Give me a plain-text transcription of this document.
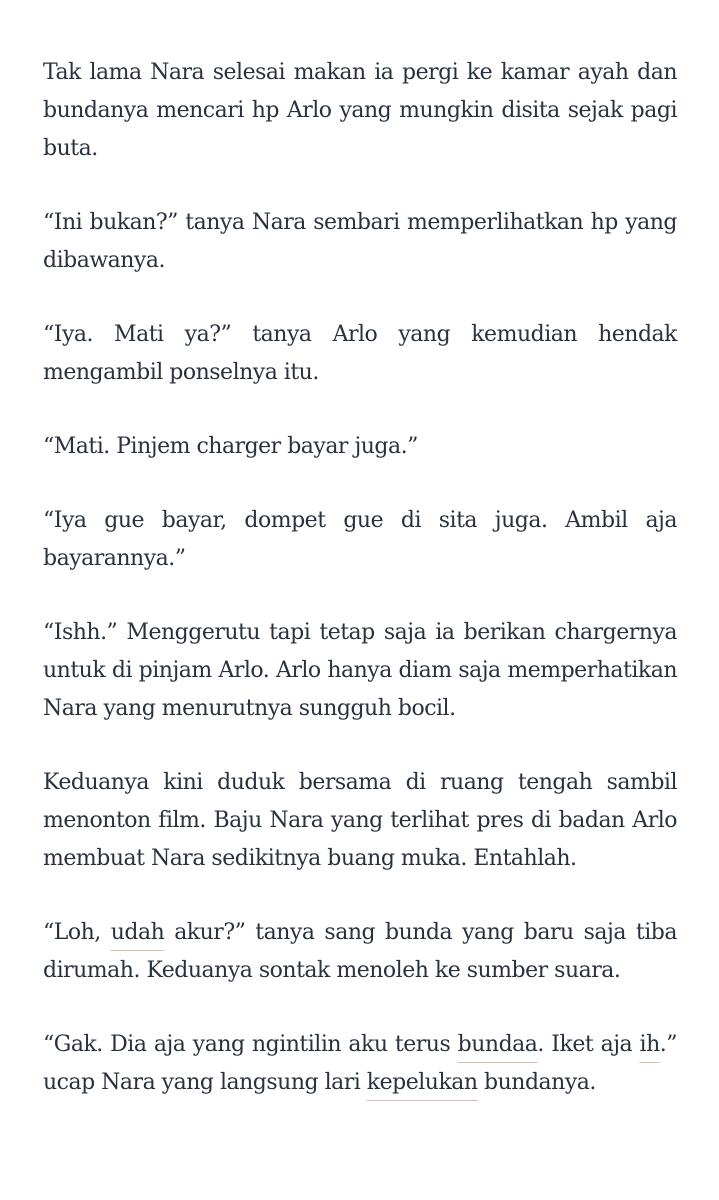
Tak lama Nara selesai makan ia pergi ke kamar ayah dan bundanya mencari hp Arlo yang mungkin disita sejak pagi buta.

“Ini bukan?” tanya Nara sembari memperlihatkan hp yang dibawanya.

“Iya. Mati ya?” tanya Arlo yang kemudian hendak mengambil ponselnya itu.

“Mati. Pinjem charger bayar juga.”

“Iya gue bayar, dompet gue di sita juga. Ambil aja bayarannya.”

“Ishh.” Menggerutu tapi tetap saja ia berikan chargernya untuk di pinjam Arlo. Arlo hanya diam saja memperhatikan Nara yang menurutnya sungguh bocil.

Keduanya kini duduk bersama di ruang tengah sambil menonton film. Baju Nara yang terlihat pres di badan Arlo membuat Nara sedikitnya buang muka. Entahlah.

“Loh, udah akur?” tanya sang bunda yang baru saja tiba dirumah. Keduanya sontak menoleh ke sumber suara.

“Gak. Dia aja yang ngintilin aku terus bundaa. Iket aja ih.” ucap Nara yang langsung lari kepelukan bundanya.
